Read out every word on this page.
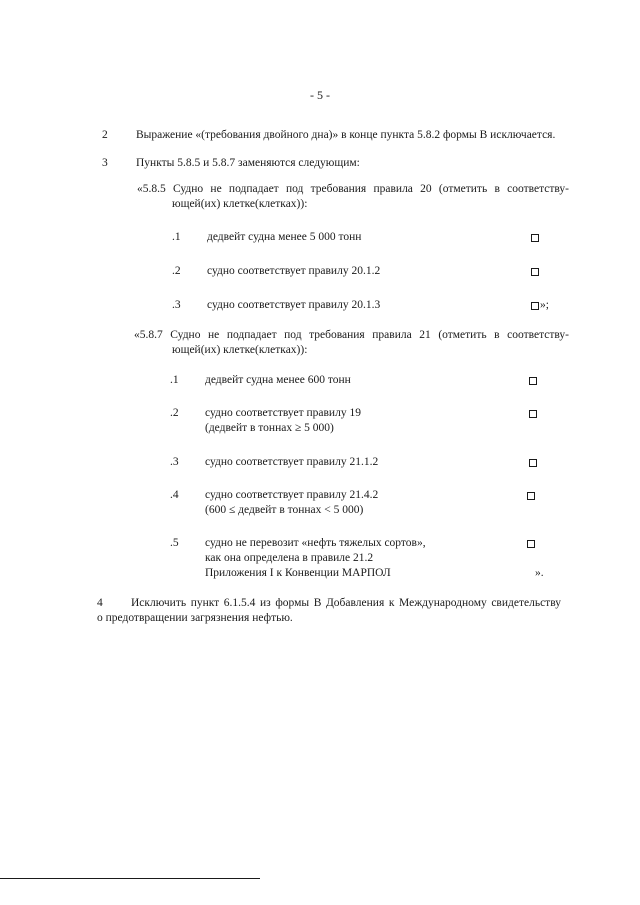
- 5 -
2	Выражение «(требования двойного дна)» в конце пункта 5.8.2 формы В исключается.
3	Пункты 5.8.5 и 5.8.7 заменяются следующим:
«5.8.5 Судно не подпадает под требования правила 20 (отметить в соответству-
ющей(их) клетке(клетках)):
.1 дедвейт судна менее 5 000 тонн
.2 судно соответствует правилу 20.1.2
.3 судно соответствует правилу 20.1.3	»;
«5.8.7 Судно не подпадает под требования правила 21 (отметить в соответству-
ющей(их) клетке(клетках)):
.1 дедвейт судна менее 600 тонн
.2 судно соответствует правилу 19
(дедвейт в тоннах ≥ 5 000)
.3 судно соответствует правилу 21.1.2
.4 судно соответствует правилу 21.4.2
(600 ≤ дедвейт в тоннах < 5 000)
.5 судно не перевозит «нефть тяжелых сортов»,
как она определена в правиле 21.2
Приложения I к Конвенции МАРПОЛ	».
4	Исключить пункт 6.1.5.4 из формы В Добавления к Международному свидетельству
о предотвращении загрязнения нефтью.
